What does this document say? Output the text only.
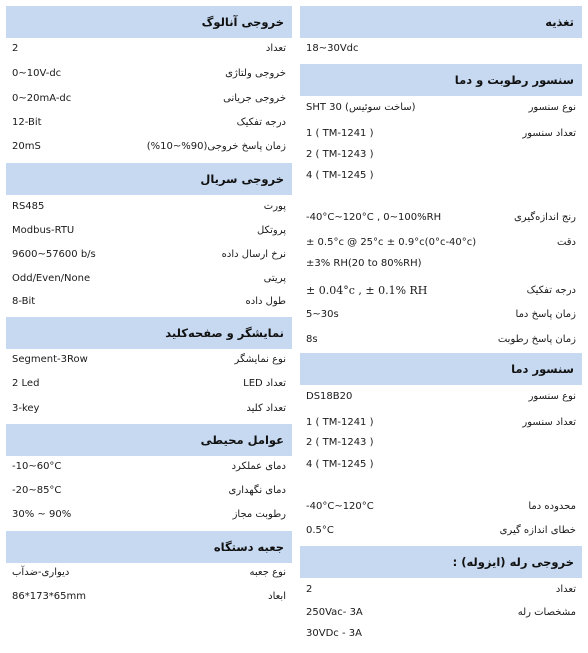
خروجی آنالوگ
تعداد
2
خروجی ولتاژی
0~10V-dc
خروجی جریانی
0~20mA-dc
درجه تفکیک
12-Bit
زمان پاسخ خروجی(90%~10%)
20mS
خروجی سریال
پورت
RS485
پروتکل
Modbus-RTU
نرخ ارسال داده
9600~57600 b/s
پریتی
Odd/Even/None
طول داده
8-Bit
نمایشگر و صفحه‌کلید
نوع نمایشگر
Segment-3Row
تعداد LED
2 Led
تعداد کلید
3-key
عوامل محیطی
دمای عملکرد
-10~60°C
دمای نگهداری
-20~85°C
رطوبت مجاز
30% ~ 90%
جعبه دستگاه
نوع جعبه
دیواری-ضدآب
ابعاد
86*173*65mm
تغذیه
18~30Vdc
سنسور رطوبت و دما
نوع سنسور
SHT 30 (ساخت سوئیس)
تعداد سنسور
1 ( TM-1241 )
2 ( TM-1243 )
4 ( TM-1245 )
رنج اندازه‌گیری
-40°C~120°C , 0~100%RH
دقت
± 0.5°c @ 25°c ± 0.9°c(0°c-40°c)
±3% RH(20 to 80%RH)
درجه تفکیک
± 0.04°c , ± 0.1% RH
زمان پاسخ دما
5~30s
زمان پاسخ رطوبت
8s
سنسور دما
نوع سنسور
DS18B20
تعداد سنسور
1 ( TM-1241 )
2 ( TM-1243 )
4 ( TM-1245 )
محدوده دما
-40°C~120°C
خطای اندازه گیری
0.5°C
خروجی رله (ایزوله) :
تعداد
2
مشخصات رله
250Vac- 3A
30VDc - 3A
